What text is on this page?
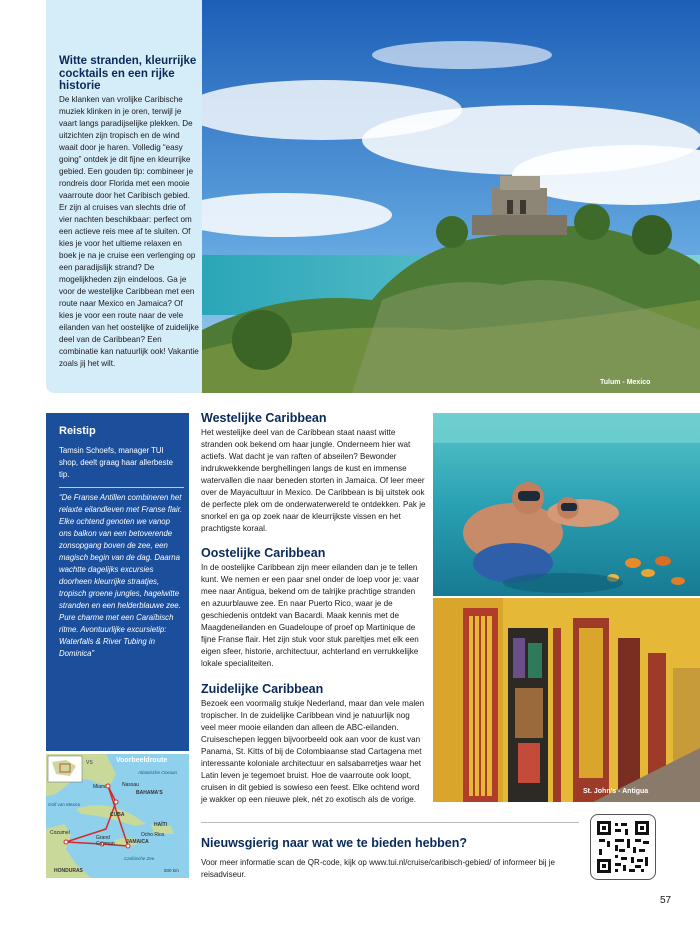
Witte stranden, kleurrijke cocktails en een rijke historie

De klanken van vrolijke Caribische muziek klinken in je oren, terwijl je vaart langs paradijselijke plekken. De uitzichten zijn tropisch en de wind waait door je haren. Volledig “easy going” ontdek je dit fijne en kleurrijke gebied. Een gouden tip: combineer je rondreis door Florida met een mooie vaarroute door het Caribisch gebied. Er zijn al cruises van slechts drie of vier nachten beschikbaar: perfect om een actieve reis mee af te sluiten. Of kies je voor het ultieme relaxen en boek je na je cruise een verlenging op een paradijslijk strand? De mogelijkheden zijn eindeloos. Ga je voor de westelijke Caribbean met een route naar Mexico en Jamaica? Of kies je voor een route naar de vele eilanden van het oostelijke of zuidelijke deel van de Caribbean? Een combinatie kan natuurlijk ook! Vakantie zoals jij het wilt.

Tulum - Mexico
Reistip
Tamsin Schoefs, manager TUI shop, deelt graag haar allerbeste tip.
“De Franse Antillen combineren het relaxte eilandleven met Franse flair. Elke ochtend genoten we vanop ons balkon van een betoverende zonsopgang boven de zee, een magisch begin van de dag. Daarna wachtte dagelijks excursies doorheen kleurrijke straatjes, tropisch groene jungles, hagelwitte stranden en een helderblauwe zee. Pure charme met een Caraïbisch ritme. Avontuurlijke excursietip: Waterfalls & River Tubing in Dominica”
Westelijke Caribbean

Het westelijke deel van de Caribbean staat naast witte stranden ook bekend om haar jungle. Onderneem hier wat actiefs. Wat dacht je van raften of abseilen? Bewonder indrukwekkende berghellingen langs de kust en immense watervallen die naar beneden storten in Jamaica. Of leer meer over de Mayacultuur in Mexico. De Caribbean is bij uitstek ook de perfecte plek om de onderwaterwereld te ontdekken. Pak je snorkel en ga op zoek naar de kleurrijkste vissen en het prachtigste koraal.

Oostelijke Caribbean

In de oostelijke Caribbean zijn meer eilanden dan je te tellen kunt. We nemen er een paar snel onder de loep voor je: vaar mee naar Antigua, bekend om de talrijke prachtige stranden en azuurblauwe zee. En naar Puerto Rico, waar je de geschiedenis ontdekt van Bacardi. Maak kennis met de Maagdeneilanden en Guadeloupe of proef op Martinique de fijne Franse flair. Het zijn stuk voor stuk pareltjes met elk een eigen sfeer, historie, architectuur, achterland en verrukkelijke lokale specialiteiten.

Zuidelijke Caribbean

Bezoek een voormalig stukje Nederland, maar dan vele malen tropischer. In de zuidelijke Caribbean vind je natuurlijk nog veel meer mooie eilanden dan alleen de ABC-eilanden. Cruiseschepen leggen bijvoorbeeld ook aan voor de kust van Panama, St. Kitts of bij de Colombiaanse stad Cartagena met interessante koloniale architectuur en salsabarretjes waar het Latin leven je tegemoet bruist. Hoe de vaarroute ook loopt, cruisen in dit gebied is sowieso een feest. Elke ochtend word je wakker op een nieuwe plek, nét zo exotisch als de vorige.

St. John's - Antigua
Voorbeeldroute
VS
Atlantische Oceaan
Golf van Mexico
Miami	Nassau
BAHAMA'S
CUBA
HAÏTI
Cozumel
Grand Cayman
Ocho Rios
JAMAICA
Caribische Zee
HONDURAS	500 km
Nieuwsgierig naar wat we te bieden hebben?

Voor meer informatie scan de QR-code, kijk op www.tui.nl/cruise/caribisch-gebied/ of informeer bij je reisadviseur.

57
